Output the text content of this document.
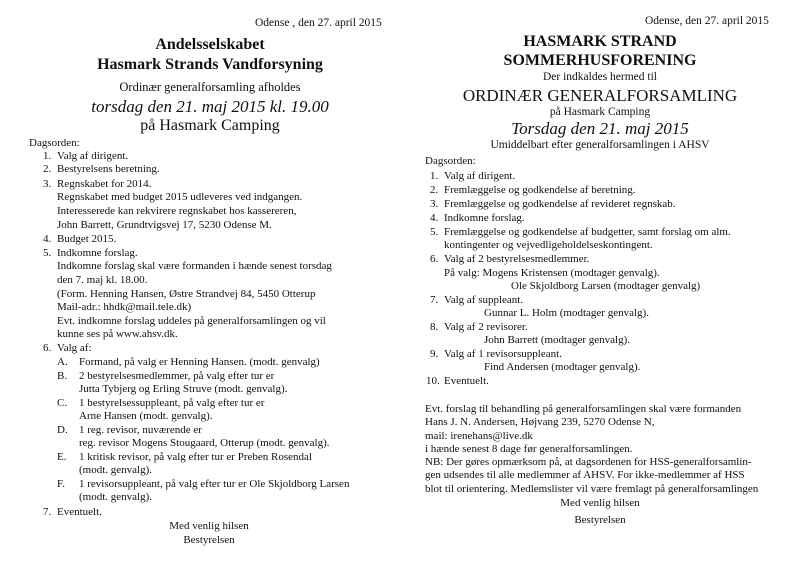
Odense , den 27. april 2015
Andelsselskabet
Hasmark Strands Vandforsyning
Ordinær generalforsamling afholdes
torsdag den 21. maj 2015 kl. 19.00
på Hasmark Camping
Dagsorden:
1. Valg af dirigent.
2. Bestyrelsens beretning.
3. Regnskabet for 2014.
Regnskabet med budget 2015 udleveres ved indgangen.
Interesserede kan rekvirere regnskabet hos kassereren,
John Barrett, Grundtvigsvej 17, 5230 Odense M.
4. Budget 2015.
5. Indkomne forslag.
Indkomne forslag skal være formanden i hænde senest torsdag
den 7. maj kl. 18.00.
(Form. Henning Hansen, Østre Strandvej 84, 5450 Otterup
Mail-adr.: hhdk@mail.tele.dk)
Evt. indkomne forslag uddeles på generalforsamlingen og vil
kunne ses på www.ahsv.dk.
6. Valg af:
A. Formand, på valg er Henning Hansen. (modt. genvalg)
B. 2 bestyrelsesmedlemmer, på valg efter tur er
Jutta Tybjerg og Erling Struve (modt. genvalg).
C. 1 bestyrelsessuppleant, på valg efter tur er
Arne Hansen (modt. genvalg).
D. 1 reg. revisor, nuværende er
reg. revisor Mogens Stougaard, Otterup (modt. genvalg).
E. 1 kritisk revisor, på valg efter tur er Preben Rosendal
(modt. genvalg).
F. 1 revisorsuppleant, på valg efter tur er Ole Skjoldborg Larsen
(modt. genvalg).
7. Eventuelt.
Med venlig hilsen
Bestyrelsen
Odense, den 27. april 2015
HASMARK STRAND
SOMMERHUSFORENING
Der indkaldes hermed til
ORDINÆR GENERALFORSAMLING
på Hasmark Camping
Torsdag den 21. maj 2015
Umiddelbart efter generalforsamlingen i AHSV
Dagsorden:
1. Valg af dirigent.
2. Fremlæggelse og godkendelse af beretning.
3. Fremlæggelse og godkendelse af revideret regnskab.
4. Indkomne forslag.
5. Fremlæggelse og godkendelse af budgetter, samt forslag om alm.
kontingenter og vejvedligeholdelseskontingent.
6. Valg af 2 bestyrelsesmedlemmer.
På valg: Mogens Kristensen (modtager genvalg).
Ole Skjoldborg Larsen (modtager genvalg)
7. Valg af suppleant.
Gunnar L. Holm (modtager genvalg).
8. Valg af 2 revisorer.
John Barrett (modtager genvalg).
9. Valg af 1 revisorsuppleant.
Find Andersen (modtager genvalg).
10. Eventuelt.
Evt. forslag til behandling på generalforsamlingen skal være formanden
Hans J. N. Andersen, Højvang 239, 5270 Odense N,
mail: irenehans@live.dk
i hænde senest 8 dage før generalforsamlingen.
NB: Der gøres opmærksom på, at dagsordenen for HSS-generalforsamlin-
gen udsendes til alle medlemmer af AHSV. For ikke-medlemmer af HSS
blot til orientering. Medlemslister vil være fremlagt på generalforsamlingen
Med venlig hilsen
Bestyrelsen
